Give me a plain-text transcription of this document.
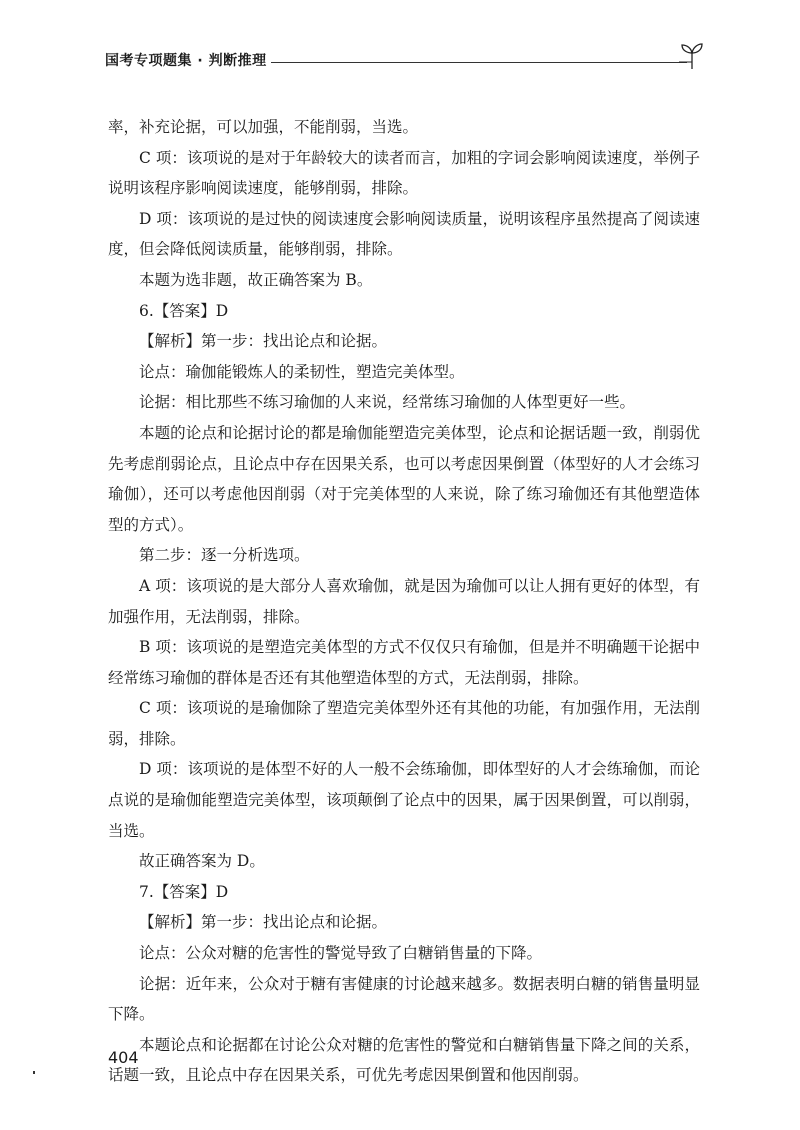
国考专项题集 · 判断推理

率，补充论据，可以加强，不能削弱，当选。

C 项：该项说的是对于年龄较大的读者而言，加粗的字词会影响阅读速度，举例子说明该程序影响阅读速度，能够削弱，排除。

D 项：该项说的是过快的阅读速度会影响阅读质量，说明该程序虽然提高了阅读速度，但会降低阅读质量，能够削弱，排除。

本题为选非题，故正确答案为 B。

6.【答案】D

【解析】第一步：找出论点和论据。

论点：瑜伽能锻炼人的柔韧性，塑造完美体型。

论据：相比那些不练习瑜伽的人来说，经常练习瑜伽的人体型更好一些。

本题的论点和论据讨论的都是瑜伽能塑造完美体型，论点和论据话题一致，削弱优先考虑削弱论点，且论点中存在因果关系，也可以考虑因果倒置（体型好的人才会练习瑜伽），还可以考虑他因削弱（对于完美体型的人来说，除了练习瑜伽还有其他塑造体型的方式）。

第二步：逐一分析选项。

A 项：该项说的是大部分人喜欢瑜伽，就是因为瑜伽可以让人拥有更好的体型，有加强作用，无法削弱，排除。

B 项：该项说的是塑造完美体型的方式不仅仅只有瑜伽，但是并不明确题干论据中经常练习瑜伽的群体是否还有其他塑造体型的方式，无法削弱，排除。

C 项：该项说的是瑜伽除了塑造完美体型外还有其他的功能，有加强作用，无法削弱，排除。

D 项：该项说的是体型不好的人一般不会练瑜伽，即体型好的人才会练瑜伽，而论点说的是瑜伽能塑造完美体型，该项颠倒了论点中的因果，属于因果倒置，可以削弱，当选。

故正确答案为 D。

7.【答案】D

【解析】第一步：找出论点和论据。

论点：公众对糖的危害性的警觉导致了白糖销售量的下降。

论据：近年来，公众对于糖有害健康的讨论越来越多。数据表明白糖的销售量明显下降。

本题论点和论据都在讨论公众对糖的危害性的警觉和白糖销售量下降之间的关系，话题一致，且论点中存在因果关系，可优先考虑因果倒置和他因削弱。

404
